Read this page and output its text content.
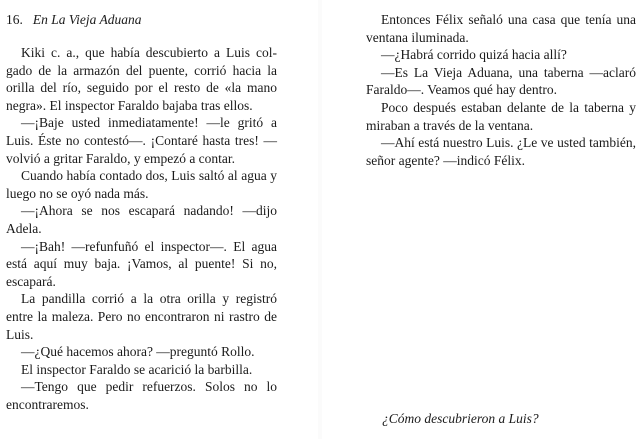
16. En La Vieja Aduana

Kiki c. a., que había descubierto a Luis colgado de la armazón del puente, corrió hacia la orilla del río, seguido por el resto de «la mano negra». El inspector Faraldo bajaba tras ellos.

—¡Baje usted inmediatamente! —le gritó a Luis. Éste no contestó—. ¡Contaré hasta tres! —volvió a gritar Faraldo, y empezó a contar.

Cuando había contado dos, Luis saltó al agua y luego no se oyó nada más.

—¡Ahora se nos escapará nadando! —dijo Adela.

—¡Bah! —refunfuñó el inspector—. El agua está aquí muy baja. ¡Vamos, al puente! Si no, escapará.

La pandilla corrió a la otra orilla y registró entre la maleza. Pero no encontraron ni rastro de Luis.

—¿Qué hacemos ahora? —preguntó Rollo.

El inspector Faraldo se acarició la barbilla.

—Tengo que pedir refuerzos. Solos no lo encontraremos.

Entonces Félix señaló una casa que tenía una ventana iluminada.

—¿Habrá corrido quizá hacia allí?

—Es La Vieja Aduana, una taberna —aclaró Faraldo—. Veamos qué hay dentro.

Poco después estaban delante de la taberna y miraban a través de la ventana.

—Ahí está nuestro Luis. ¿Le ve usted también, señor agente? —indicó Félix.

¿Cómo descubrieron a Luis?
